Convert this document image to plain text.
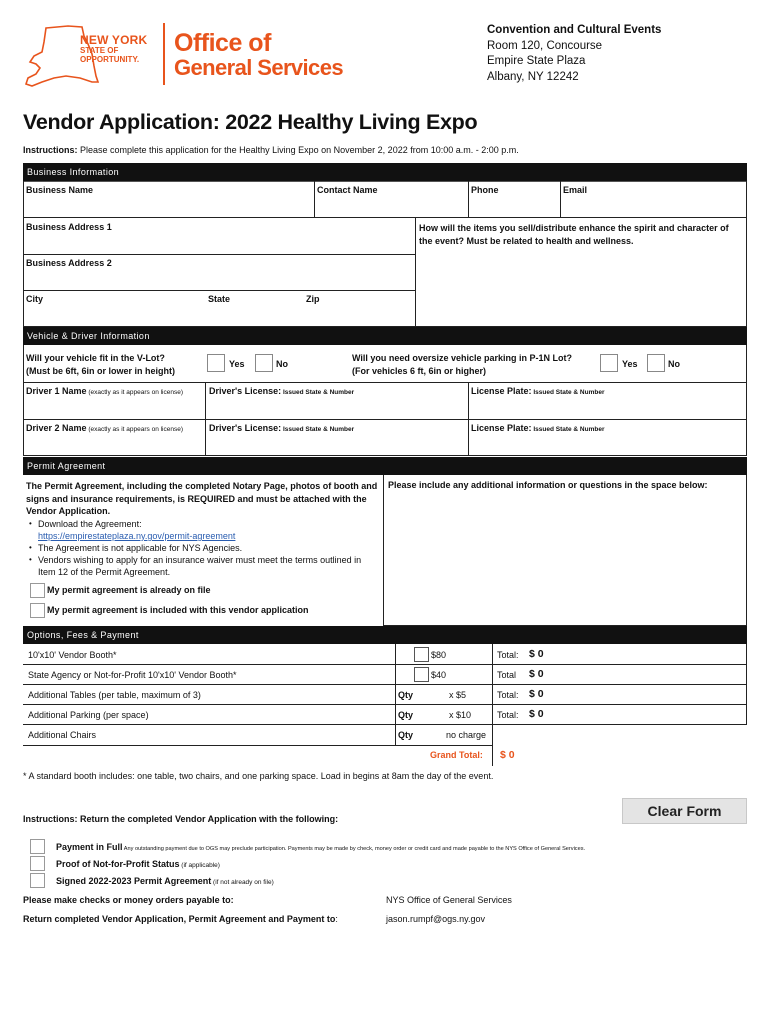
NEW YORK
STATE OF
OPPORTUNITY.
Office of
General Services
Convention and Cultural Events
Room 120, Concourse
Empire State Plaza
Albany, NY 12242
Vendor Application: 2022 Healthy Living Expo
Instructions: Please complete this application for the Healthy Living Expo on November 2, 2022 from 10:00 a.m. - 2:00 p.m.
Business Information
Business Name	Contact Name	Phone	Email
Business Address 1
Business Address 2
How will the items you sell/distribute enhance the spirit and character of the event? Must be related to health and wellness.
City	State	Zip
Vehicle & Driver Information
Will your vehicle fit in the V-Lot?
(Must be 6ft, 6in or lower in height)
Yes	No
Will you need oversize vehicle parking in P-1N Lot?
(For vehicles 6 ft, 6in or higher)
Yes	No
Driver 1 Name (exactly as it appears on license)	Driver's License: Issued State & Number	License Plate: Issued State & Number
Driver 2 Name (exactly as it appears on license)	Driver's License: Issued State & Number	License Plate: Issued State & Number
Permit Agreement
The Permit Agreement, including the completed Notary Page, photos of booth and signs and insurance requirements, is REQUIRED and must be attached with the Vendor Application.
• Download the Agreement:
https://empirestateplaza.ny.gov/permit-agreement
• The Agreement is not applicable for NYS Agencies.
• Vendors wishing to apply for an insurance waiver must meet the terms outlined in Item 12 of the Permit Agreement.
My permit agreement is already on file
My permit agreement is included with this vendor application
Please include any additional information or questions in the space below:
Options, Fees & Payment
10'x10' Vendor Booth*	$80	Total: $ 0
State Agency or Not-for-Profit 10'x10' Vendor Booth*	$40	Total $ 0
Additional Tables (per table, maximum of 3)	Qty	x $5	Total: $ 0
Additional Parking (per space)	Qty	x $10	Total: $ 0
Additional Chairs	Qty	no charge
Grand Total: $ 0
* A standard booth includes: one table, two chairs, and one parking space. Load in begins at 8am the day of the event.
Instructions: Return the completed Vendor Application with the following:	Clear Form
Payment in Full Any outstanding payment due to OGS may preclude participation. Payments may be made by check, money order or credit card and made payable to the NYS Office of General Services.
Proof of Not-for-Profit Status (if applicable)
Signed 2022-2023 Permit Agreement (if not already on file)
Please make checks or money orders payable to:	NYS Office of General Services
Return completed Vendor Application, Permit Agreement and Payment to:	jason.rumpf@ogs.ny.gov
